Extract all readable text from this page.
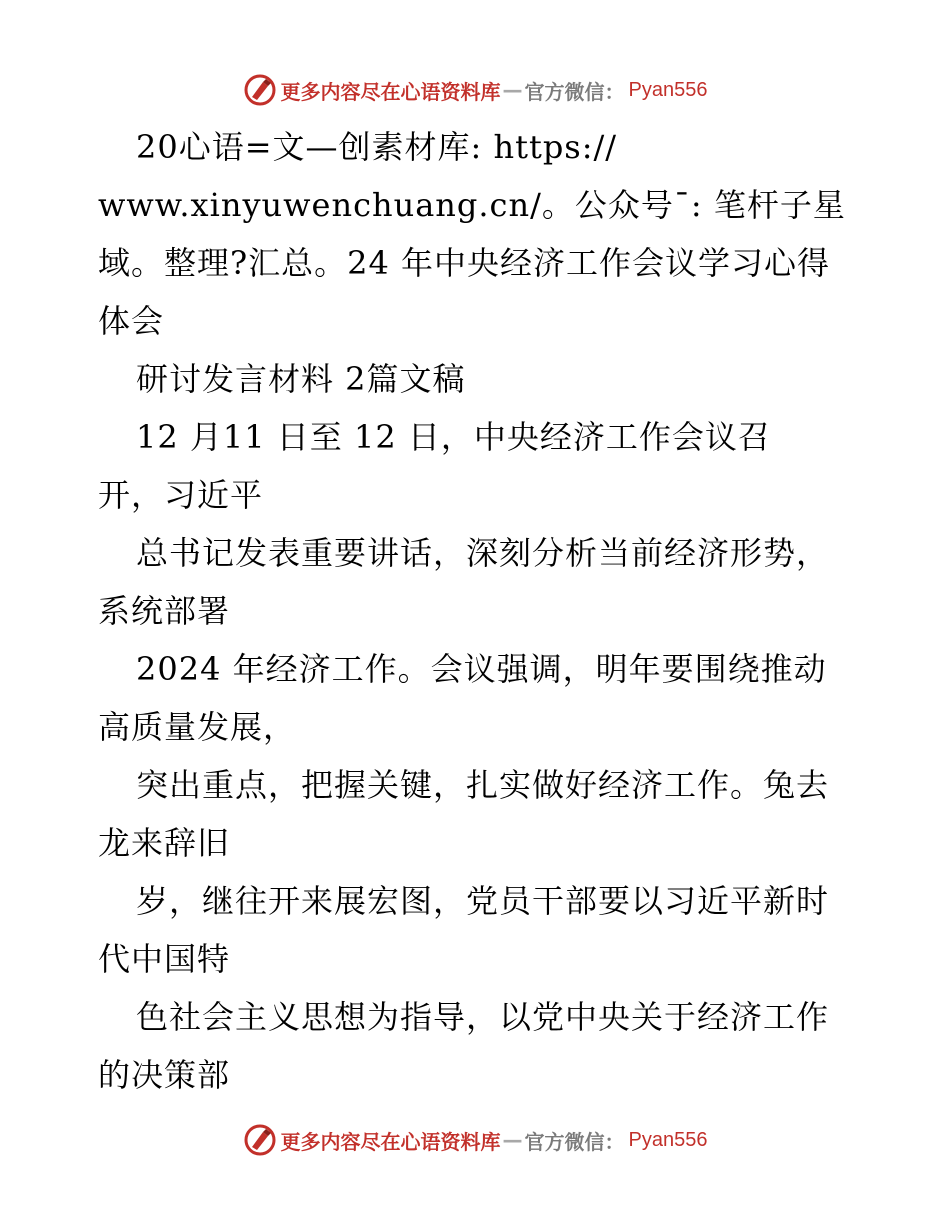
更多内容尽在心语资料库 — 官方微信： Pyan556
20心语=文—创素材库: https://
www.xinyuwenchuang.cn/。公众号¯: 笔杆子星
域。整理?汇总。24 年中央经济工作会议学习心得
体会
研讨发言材料 2篇文稿
12 月11 日至 12 日，中央经济工作会议召
开，习近平
总书记发表重要讲话，深刻分析当前经济形势，
系统部署
2024 年经济工作。会议强调，明年要围绕推动
高质量发展，
突出重点，把握关键，扎实做好经济工作。兔去
龙来辞旧
岁，继往开来展宏图，党员干部要以习近平新时
代中国特
色社会主义思想为指导，以党中央关于经济工作
的决策部
更多内容尽在心语资料库 — 官方微信： Pyan556
